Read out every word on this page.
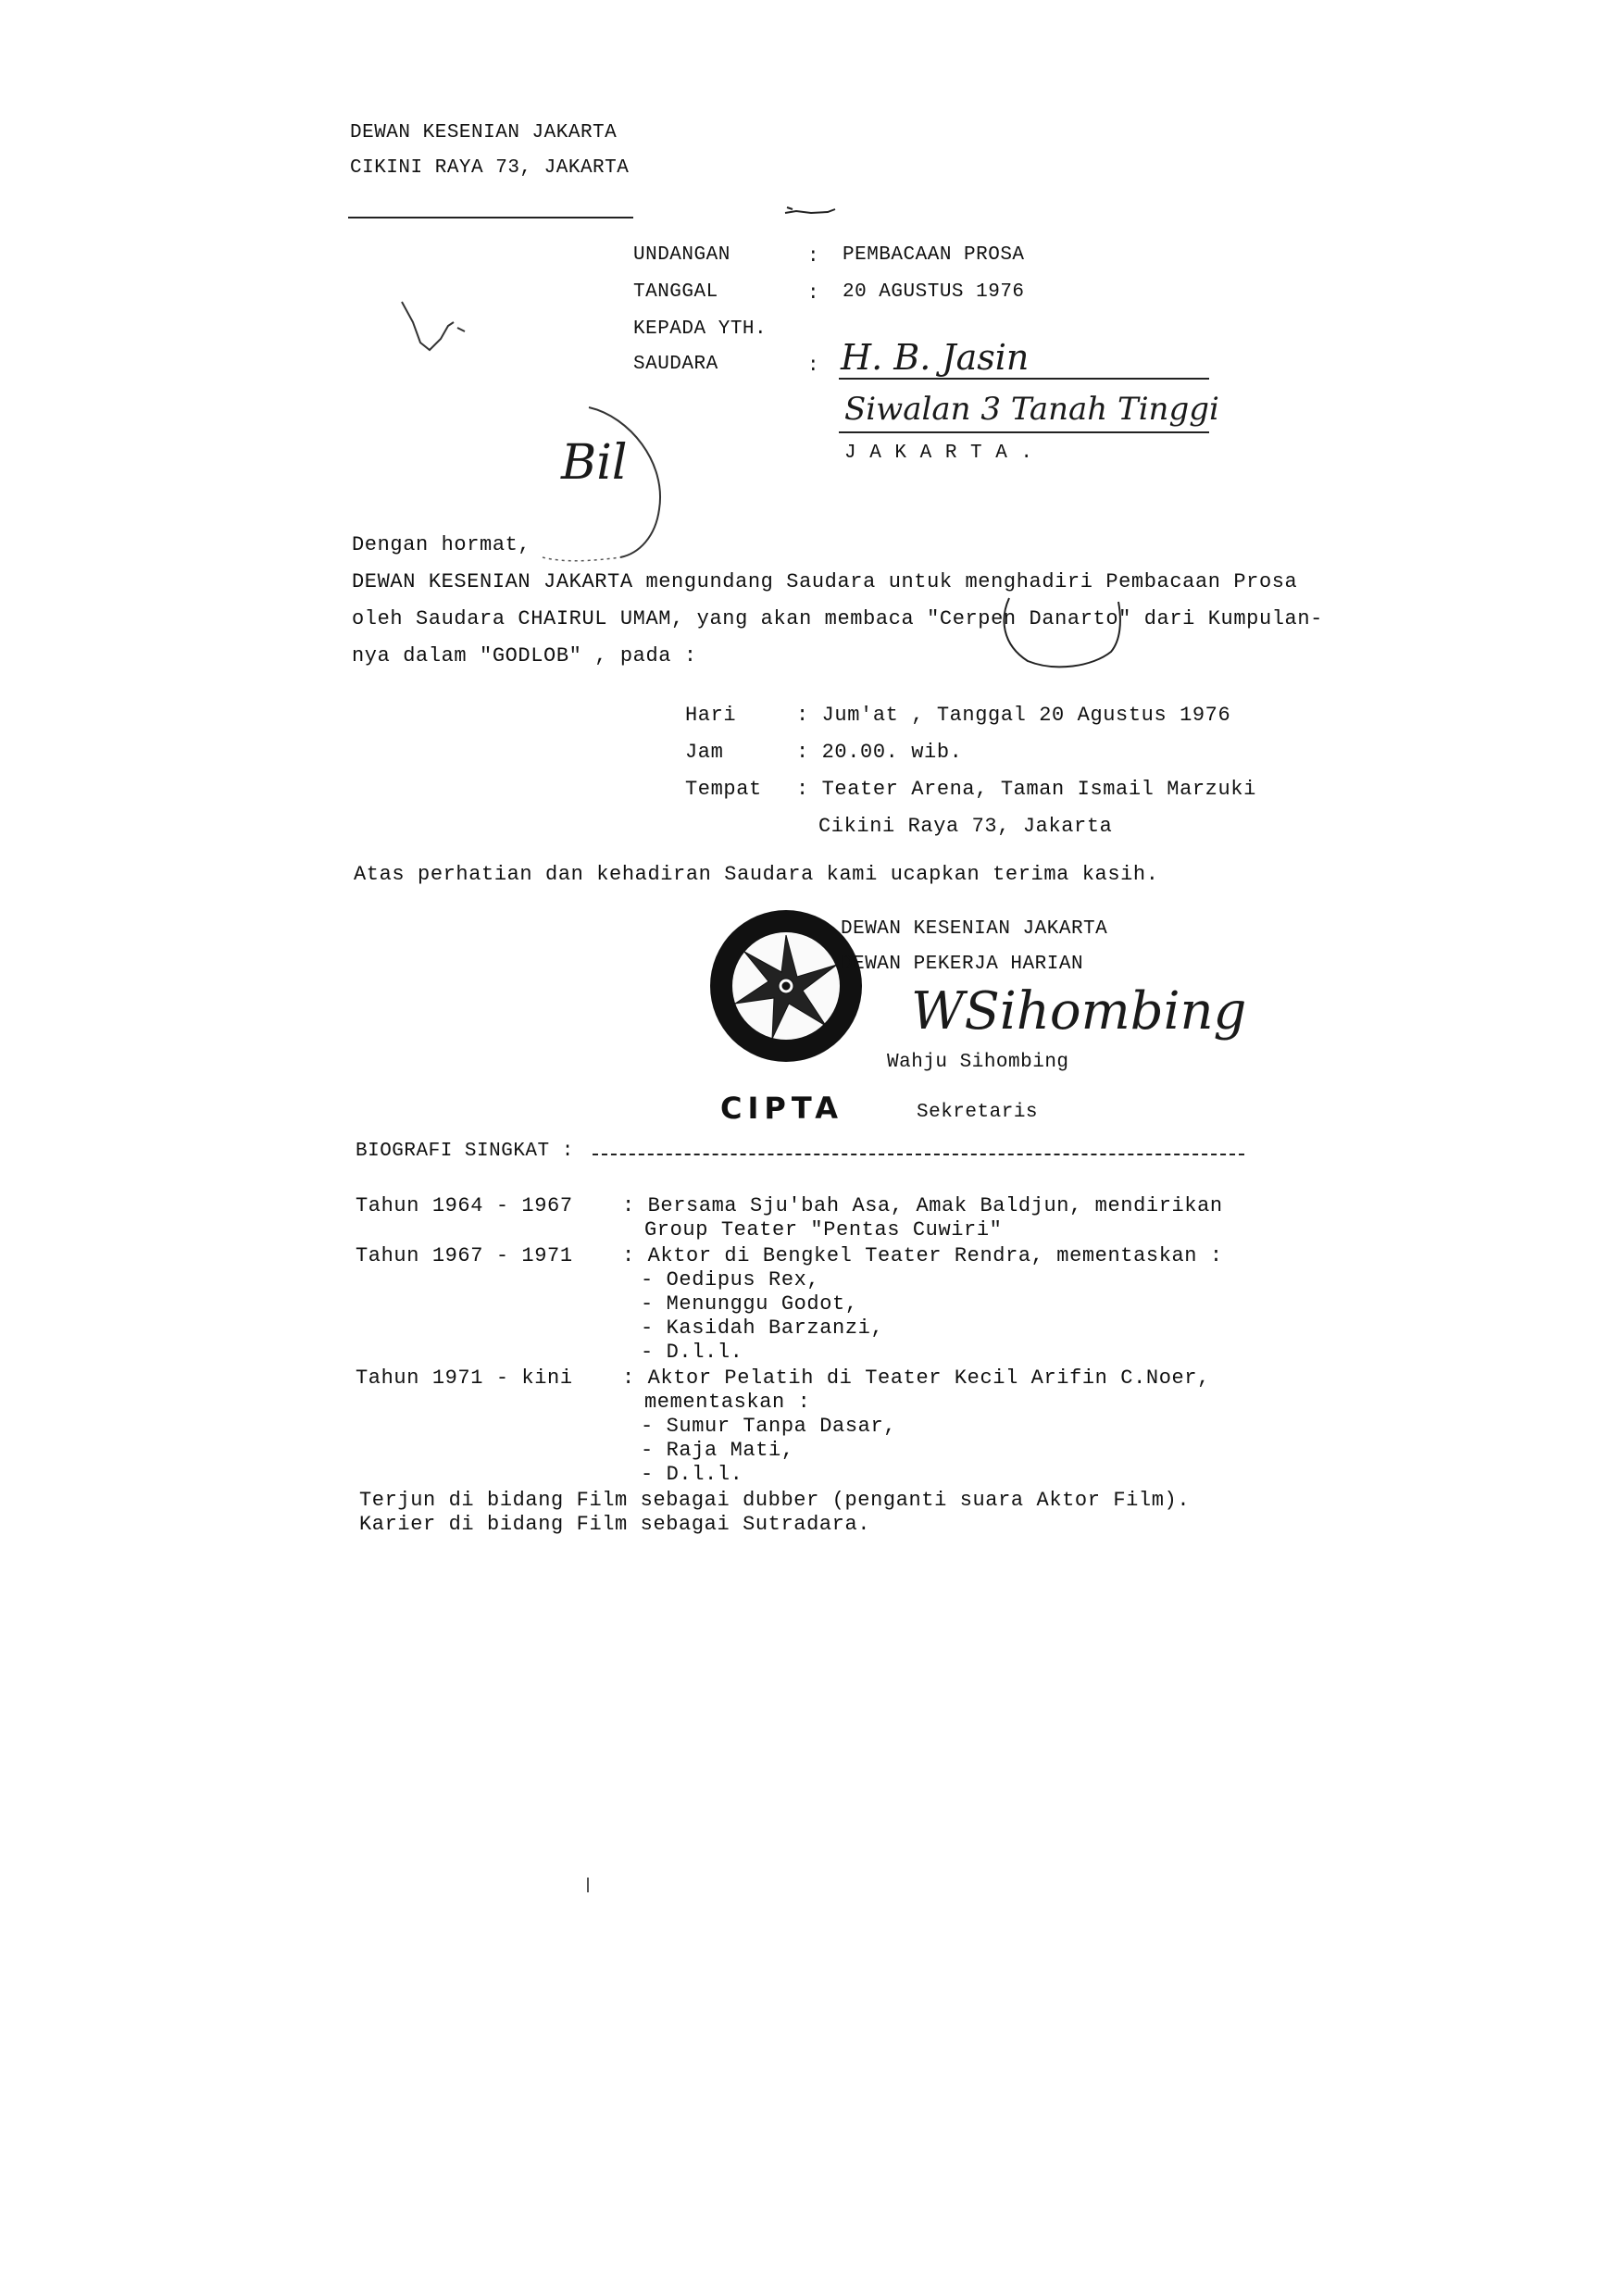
DEWAN KESENIAN JAKARTA
CIKINI RAYA 73, JAKARTA
UNDANGAN	: PEMBACAAN PROSA
TANGGAL	: 20 AGUSTUS 1976
KEPADA YTH.
SAUDARA	: H. B. Jasin
Siwalan 3 Tanah Tinggi
J A K A R T A .
Bil
Dengan hormat,
DEWAN KESENIAN JAKARTA mengundang Saudara untuk menghadiri Pembacaan Prosa
oleh Saudara CHAIRUL UMAM, yang akan membaca "Cerpen Danarto" dari Kumpulan-
nya dalam "GODLOB" , pada :
Hari	: Jum'at , Tanggal 20 Agustus 1976
Jam	: 20.00. wib.
Tempat : Teater Arena, Taman Ismail Marzuki
Cikini Raya 73, Jakarta
Atas perhatian dan kehadiran Saudara kami ucapkan terima kasih.
CIPTA
DEWAN KESENIAN JAKARTA
DEWAN PEKERJA HARIAN
WSihombing
Wahju Sihombing
Sekretaris
BIOGRAFI SINGKAT :
Tahun 1964 - 1967 : Bersama Sju'bah Asa, Amak Baldjun, mendirikan
Group Teater "Pentas Cuwiri"
Tahun 1967 - 1971 : Aktor di Bengkel Teater Rendra, mementaskan :
- Oedipus Rex,
- Menunggu Godot,
- Kasidah Barzanzi,
- D.l.l.
Tahun 1971 - kini : Aktor Pelatih di Teater Kecil Arifin C.Noer,
mementaskan :
- Sumur Tanpa Dasar,
- Raja Mati,
- D.l.l.
Terjun di bidang Film sebagai dubber (penganti suara Aktor Film).
Karier di bidang Film sebagai Sutradara.
